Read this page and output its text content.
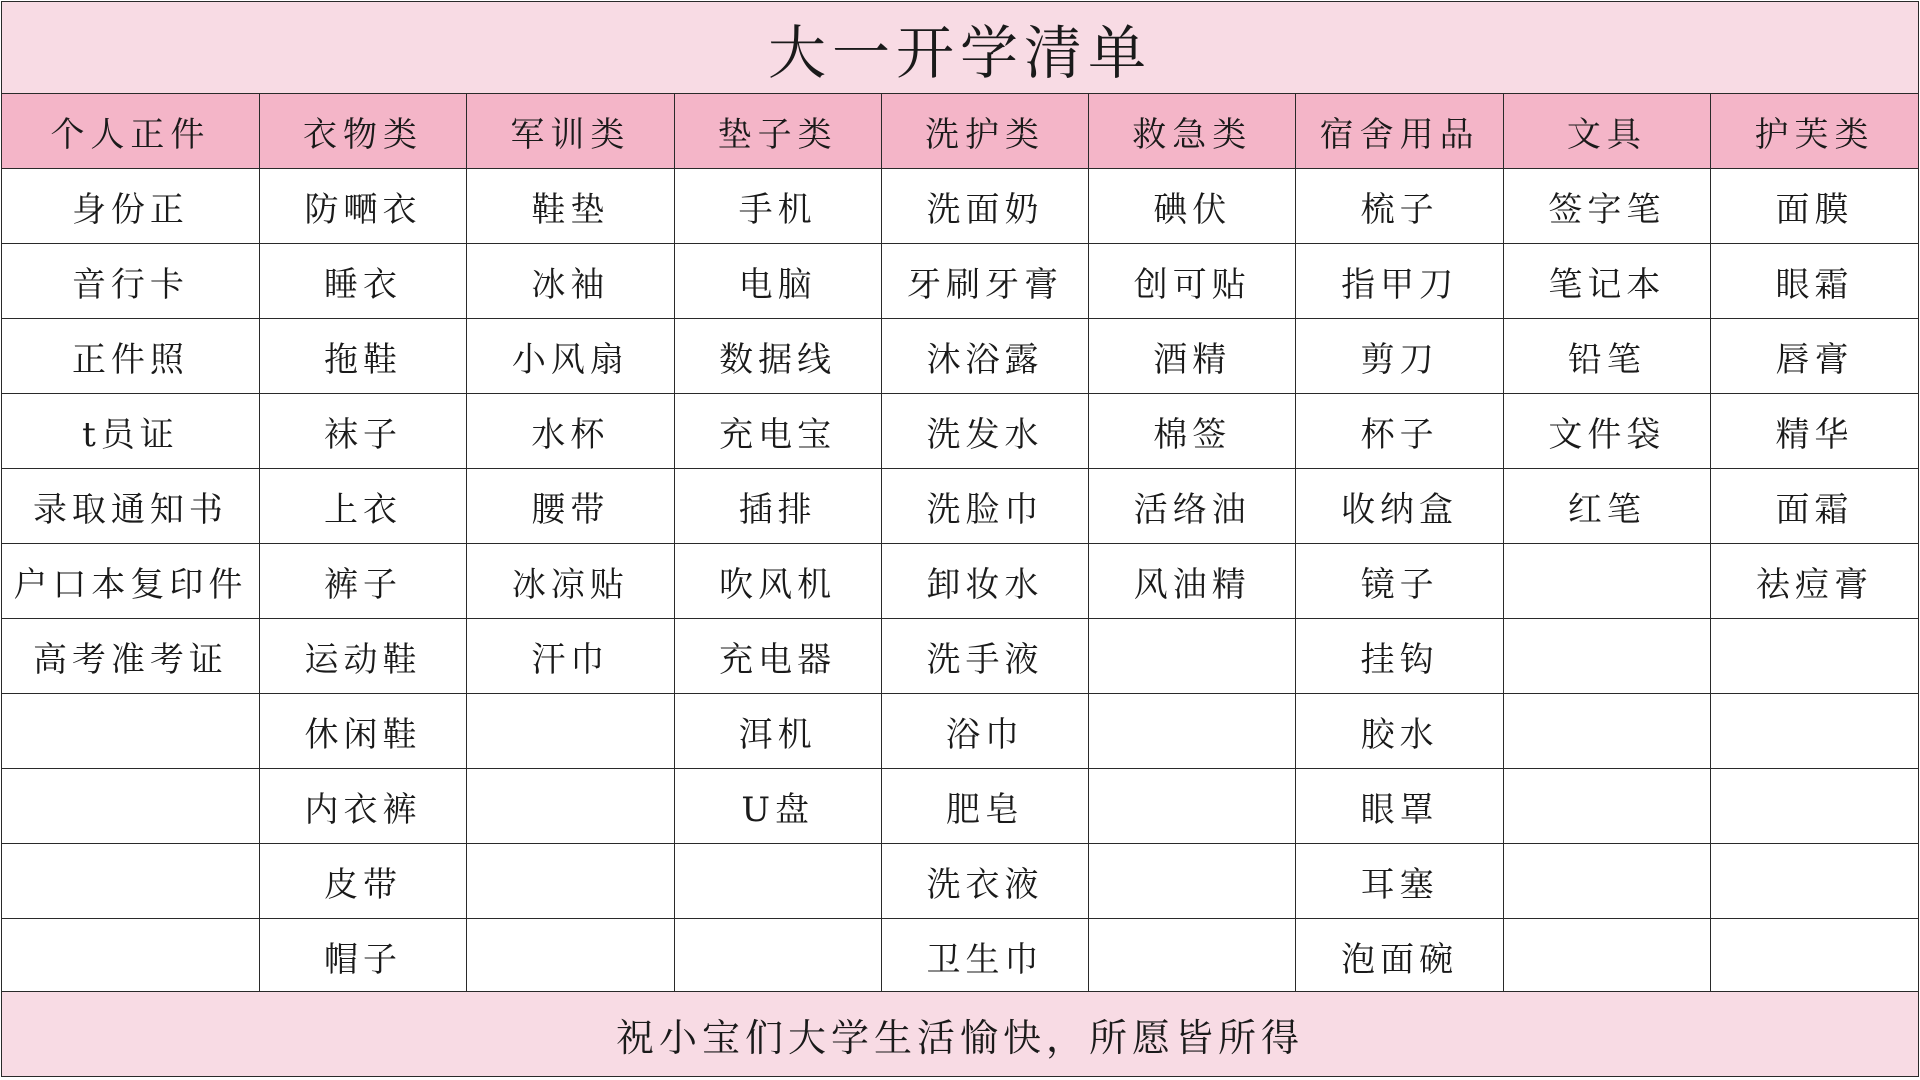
大一开学清单
个人正件	衣物类	军训类	垫子类	洗护类	救急类	宿舍用品	文具	护芙类
身份正	防嗮衣	鞋垫	手机	洗面奶	碘伏	梳子	签字笔	面膜
音行卡	睡衣	冰袖	电脑	牙刷牙膏	创可贴	指甲刀	笔记本	眼霜
正件照	拖鞋	小风扇	数据线	沐浴露	酒精	剪刀	铅笔	唇膏
t员证	袜子	水杯	充电宝	洗发水	棉签	杯子	文件袋	精华
录取通知书	上衣	腰带	插排	洗脸巾	活络油	收纳盒	红笔	面霜
户口本复印件	裤子	冰凉贴	吹风机	卸妆水	风油精	镜子		祛痘膏
高考准考证	运动鞋	汗巾	充电器	洗手液		挂钩		
	休闲鞋		洱机	浴巾		胶水		
	内衣裤		U盘	肥皂		眼罩		
	皮带			洗衣液		耳塞		
	帽子			卫生巾		泡面碗		
祝小宝们大学生活愉快，所愿皆所得
